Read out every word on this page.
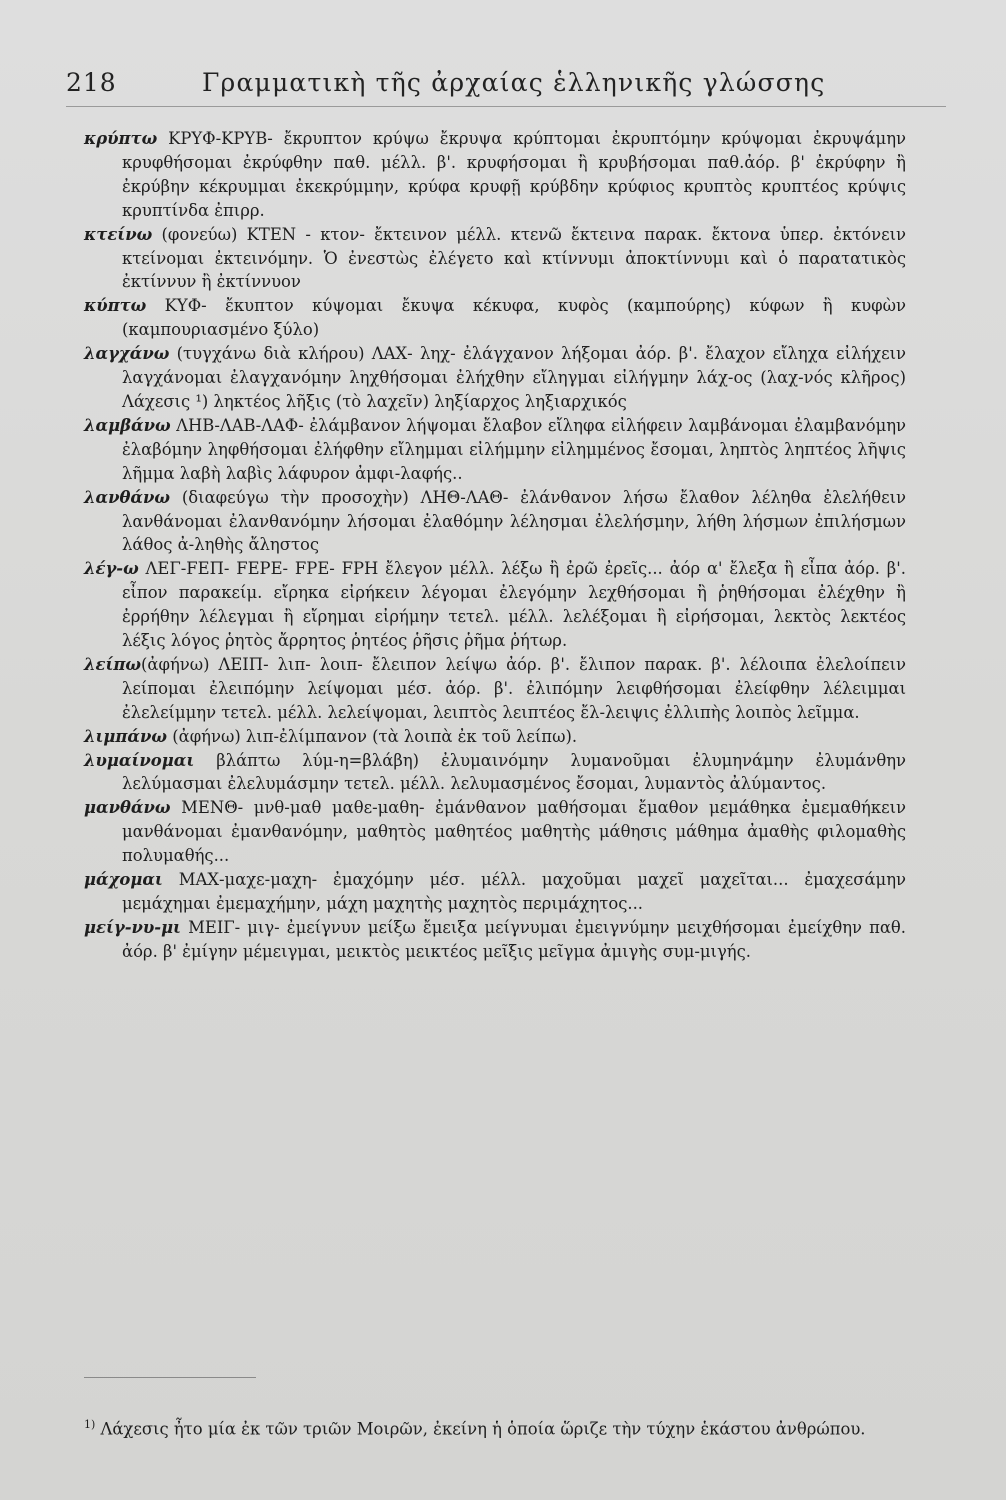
218	Γραμματικὴ τῆς ἀρχαίας ἑλληνικῆς γλώσσης

κρύπτω ΚΡΥΦ-ΚΡΥΒ- ἔκρυπτον κρύψω ἔκρυψα κρύπτομαι ἐκρυπτόμην κρύψομαι ἐκρυψάμην κρυφθήσομαι ἐκρύφθην παθ. μέλλ. β'. κρυφήσομαι ἢ κρυβήσομαι παθ.ἀόρ. β' ἐκρύφην ἢ ἐκρύβην κέκρυμμαι ἐκεκρύμμην, κρύφα κρυφῇ κρύβδην κρύφιος κρυπτὸς κρυπτέος κρύψις κρυπτίνδα ἐπιρρ.

κτείνω (φονεύω) ΚΤΕΝ - κτον- ἔκτεινον μέλλ. κτενῶ ἔκτεινα παρακ. ἔκτονα ὑπερ. ἐκτόνειν κτείνομαι ἐκτεινόμην. Ὁ ἐνεστὼς ἐλέγετο καὶ κτίννυμι ἀποκτίννυμι καὶ ὁ παρατατικὸς ἐκτίννυν ἢ ἐκτίννυον

κύπτω ΚΥΦ- ἔκυπτον κύψομαι ἔκυψα κέκυφα, κυφὸς (καμπούρης) κύφων ἢ κυφὼν (καμπουριασμένο ξύλο)

λαγχάνω (τυγχάνω διὰ κλήρου) ΛΑΧ- ληχ- ἐλάγχανον λήξομαι ἀόρ. β'. ἔλαχον εἴληχα εἰλήχειν λαγχάνομαι ἐλαγχανόμην ληχθήσομαι ἐλήχθην εἴληγμαι εἰλήγμην λάχ-ος (λαχ-νός κλῆρος) Λάχεσις ¹) ληκτέος λῆξις (τὸ λαχεῖν) ληξίαρχος ληξιαρχικός

λαμβάνω ΛΗΒ-ΛΑΒ-ΛΑΦ- ἐλάμβανον λήψομαι ἔλαβον εἴληφα εἰλήφειν λαμβάνομαι ἐλαμβανόμην ἐλαβόμην ληφθήσομαι ἐλήφθην εἴλημμαι εἰλήμμην εἰλημμένος ἔσομαι, ληπτὸς ληπτέος λῆψις λῆμμα λαβὴ λαβὶς λάφυρον ἀμφι-λαφής..

λανθάνω (διαφεύγω τὴν προσοχὴν) ΛΗΘ-ΛΑΘ- ἐλάνθανον λήσω ἔλαθον λέληθα ἐλελήθειν λανθάνομαι ἐλανθανόμην λήσομαι ἐλαθόμην λέλησμαι ἐλελήσμην, λήθη λήσμων ἐπιλήσμων λάθος ἀ-ληθὴς ἄληστος

λέγ-ω ΛΕΓ-FΕΠ- FΕΡΕ- FΡΕ- FΡΗ ἔλεγον μέλλ. λέξω ἢ ἐρῶ ἐρεῖς... ἀόρ α' ἔλεξα ἢ εἶπα ἀόρ. β'. εἶπον παρακείμ. εἴρηκα εἰρήκειν λέγομαι ἐλεγόμην λεχθήσομαι ἢ ῥηθήσομαι ἐλέχθην ἢ ἐρρήθην λέλεγμαι ἢ εἴρημαι εἰρήμην τετελ. μέλλ. λελέξομαι ἢ εἰρήσομαι, λεκτὸς λεκτέος λέξις λόγος ῥητὸς ἄρρητος ῥητέος ῥῆσις ῥῆμα ῥήτωρ.

λείπω(ἀφήνω) ΛΕΙΠ- λιπ- λοιπ- ἔλειπον λείψω ἀόρ. β'. ἔλιπον παρακ. β'. λέλοιπα ἐλελοίπειν λείπομαι ἐλειπόμην λείψομαι μέσ. ἀόρ. β'. ἐλιπόμην λειφθήσομαι ἐλείφθην λέλειμμαι ἐλελείμμην τετελ. μέλλ. λελείψομαι, λειπτὸς λειπτέος ἔλ-λειψις ἐλλιπὴς λοιπὸς λεῖμμα.

λιμπάνω (ἀφήνω) λιπ-ἐλίμπανον (τὰ λοιπὰ ἐκ τοῦ λείπω).

λυμαίνομαι βλάπτω λύμ-η=βλάβη) ἐλυμαινόμην λυμανοῦμαι ἐλυμηνάμην ἐλυμάνθην λελύμασμαι ἐλελυμάσμην τετελ. μέλλ. λελυμασμένος ἔσομαι, λυμαντὸς ἀλύμαντος.

μανθάνω ΜΕΝΘ- μνθ-μαθ μαθε-μαθη- ἐμάνθανον μαθήσομαι ἔμαθον μεμάθηκα ἐμεμαθήκειν μανθάνομαι ἐμανθανόμην, μαθητὸς μαθητέος μαθητὴς μάθησις μάθημα ἀμαθὴς φιλομαθὴς πολυμαθής...

μάχομαι ΜΑΧ-μαχε-μαχη- ἐμαχόμην μέσ. μέλλ. μαχοῦμαι μαχεῖ μαχεῖται... ἐμαχεσάμην μεμάχημαι ἐμεμαχήμην, μάχη μαχητὴς μαχητὸς περιμάχητος...

μείγ-νυ-μι ΜΕΙΓ- μιγ- ἐμείγνυν μείξω ἔμειξα μείγνυμαι ἐμειγνύμην μειχθήσομαι ἐμείχθην παθ. ἀόρ. β' ἐμίγην μέμειγμαι, μεικτὸς μεικτέος μεῖξις μεῖγμα ἀμιγὴς συμ-μιγής.

$^{1)}$ Λάχεσις ἦτο μία ἐκ τῶν τριῶν Μοιρῶν, ἐκείνη ἡ ὁποία ὥριζε τὴν τύχην ἑκάστου ἀνθρώπου.
